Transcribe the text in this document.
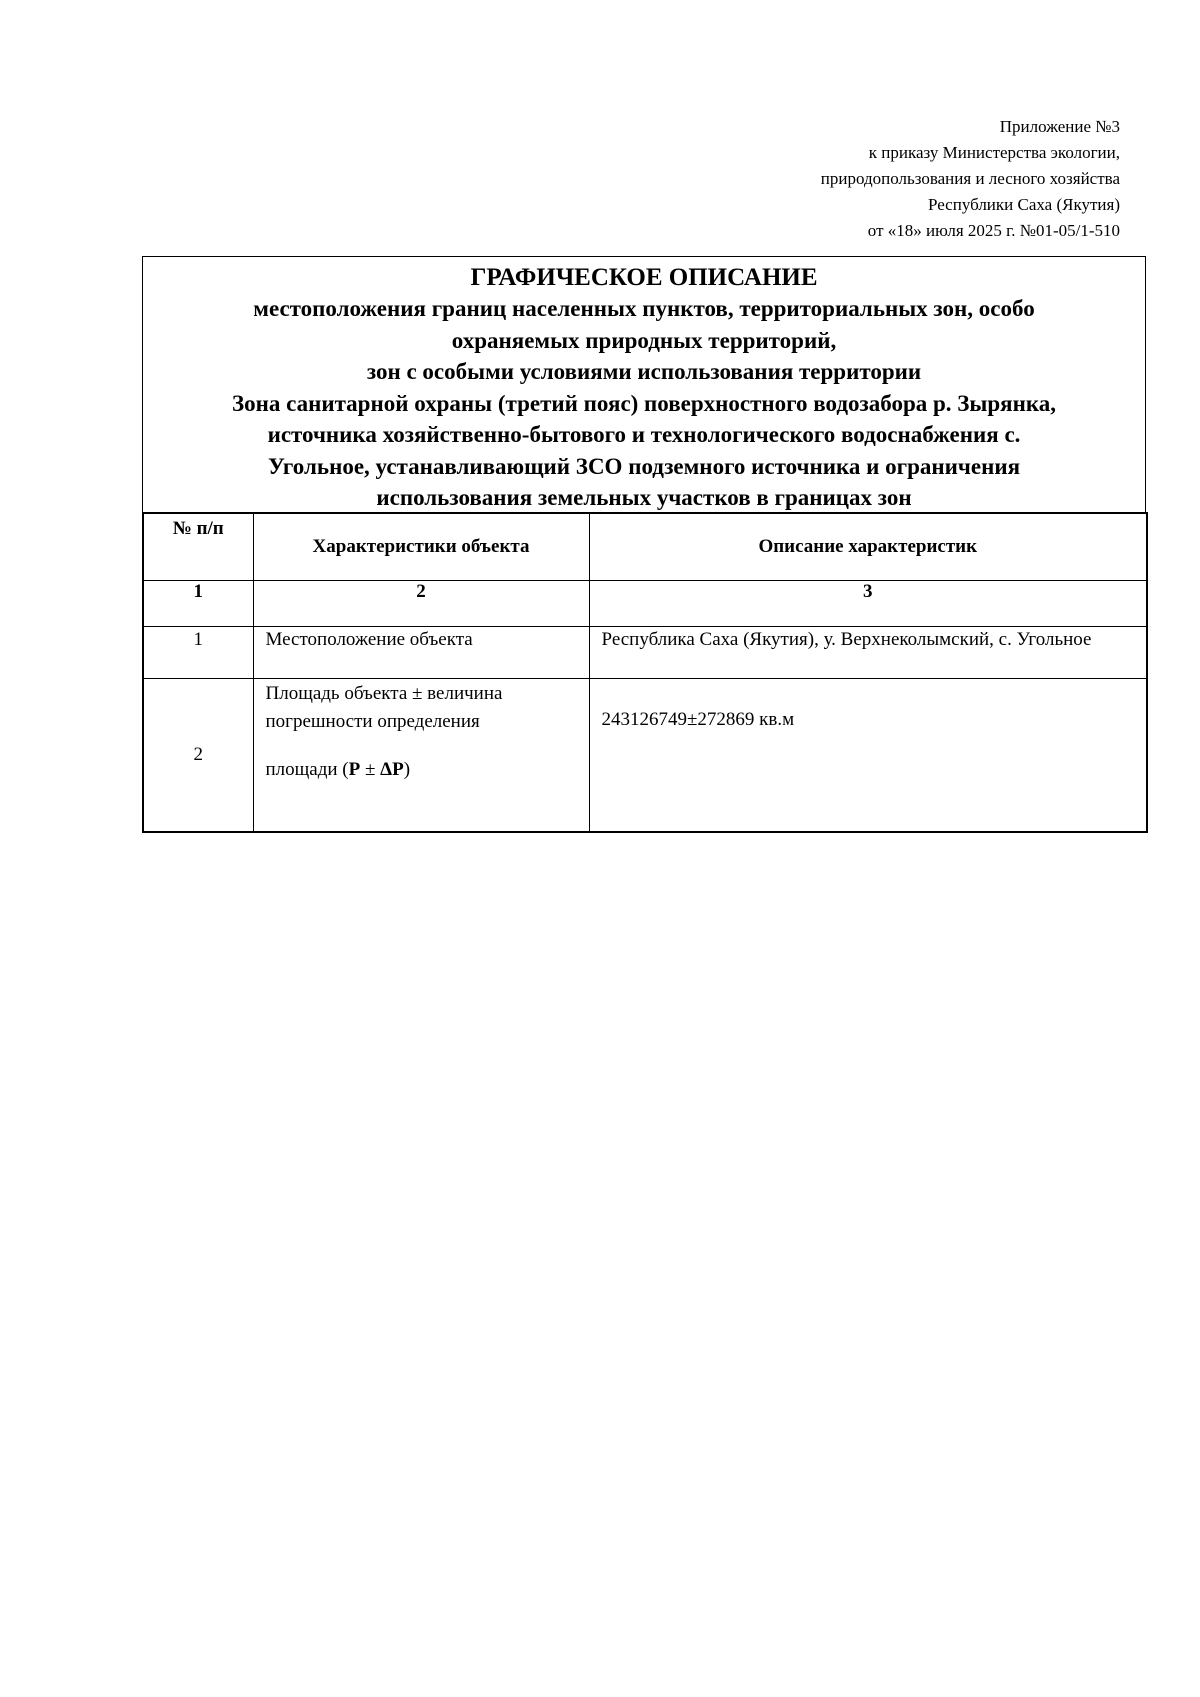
Приложение №3
к приказу Министерства экологии,
природопользования и лесного хозяйства
Республики Саха (Якутия)
от «18» июля 2025 г. №01-05/1-510
ГРАФИЧЕСКОЕ ОПИСАНИЕ
местоположения границ населенных пунктов, территориальных зон, особо
охраняемых природных территорий,
зон с особыми условиями использования территории
Зона санитарной охраны (третий пояс) поверхностного водозабора р. Зырянка,
источника хозяйственно-бытового и технологического водоснабжения с.
Угольное, устанавливающий ЗСО подземного источника и ограничения
использования земельных участков в границах зон
№ п/п	Характеристики объекта	Описание характеристик
1	2	3
1	Местоположение объекта	Республика Саха (Якутия), у. Верхнеколымский, с. Угольное
2	Площадь объекта ± величина
погрешности определения
площади (P ± ΔP)	243126749±272869 кв.м
